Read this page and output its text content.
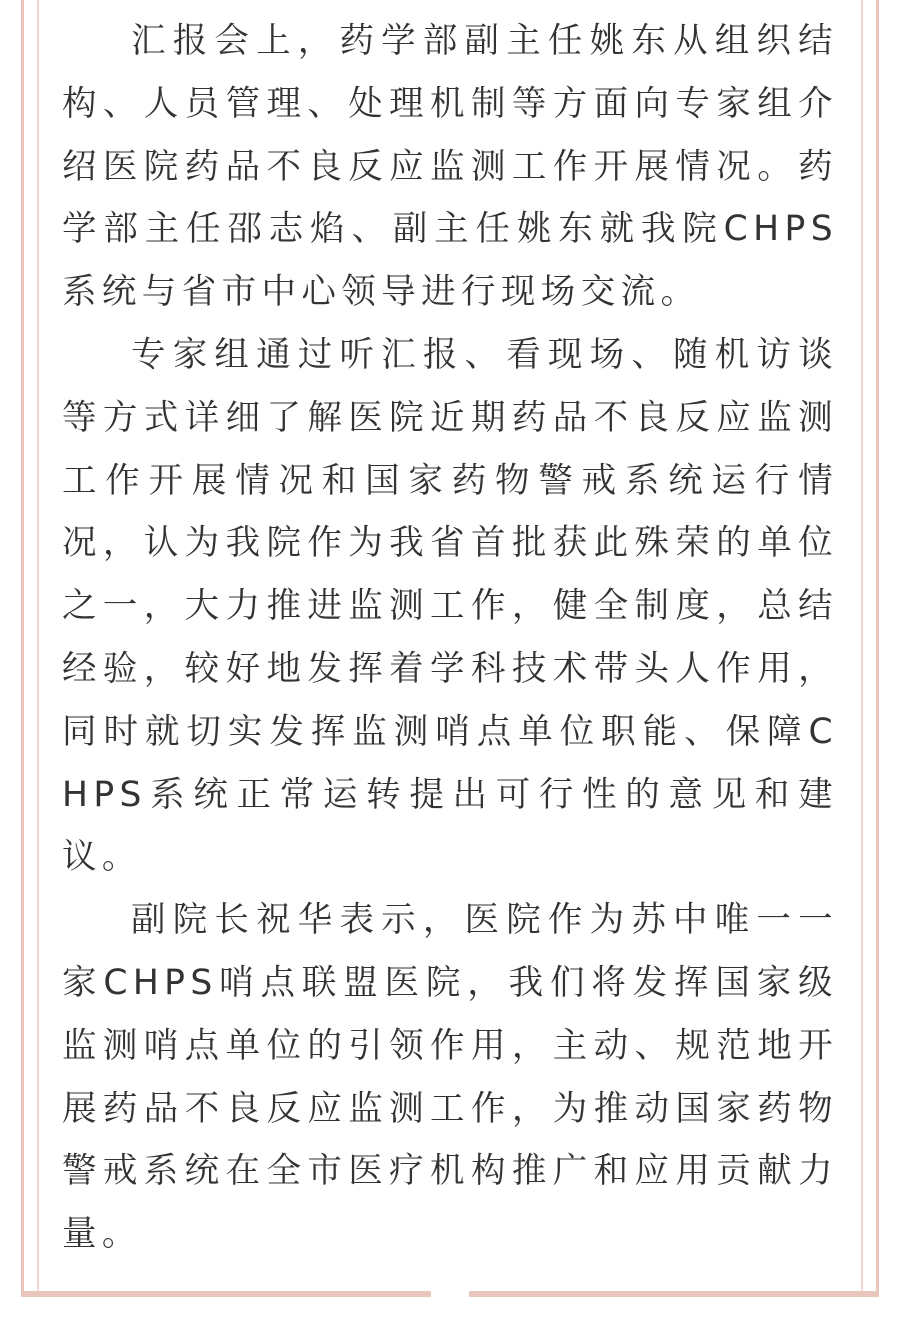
汇报会上，药学部副主任姚东从组织结构、人员管理、处理机制等方面向专家组介绍医院药品不良反应监测工作开展情况。药学部主任邵志焰、副主任姚东就我院CHPS系统与省市中心领导进行现场交流。

专家组通过听汇报、看现场、随机访谈等方式详细了解医院近期药品不良反应监测工作开展情况和国家药物警戒系统运行情况，认为我院作为我省首批获此殊荣的单位之一，大力推进监测工作，健全制度，总结经验，较好地发挥着学科技术带头人作用，同时就切实发挥监测哨点单位职能、保障CHPS系统正常运转提出可行性的意见和建议。

副院长祝华表示，医院作为苏中唯一一家CHPS哨点联盟医院，我们将发挥国家级监测哨点单位的引领作用，主动、规范地开展药品不良反应监测工作，为推动国家药物警戒系统在全市医疗机构推广和应用贡献力量。
